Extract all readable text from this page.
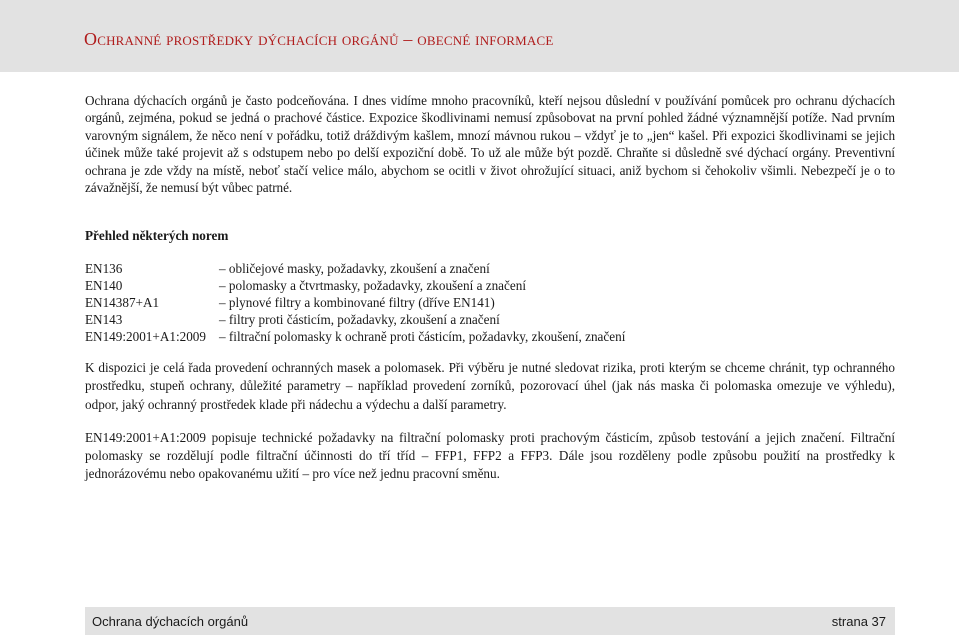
Ochranné prostředky dýchacích orgánů – obecné informace

Ochrana dýchacích orgánů je často podceňována. I dnes vidíme mnoho pracovníků, kteří nejsou důslední v používání pomůcek pro ochranu dýchacích orgánů, zejména, pokud se jedná o prachové částice. Expozice škodlivinami nemusí způsobovat na první pohled žádné významnější potíže. Nad prvním varovným signálem, že něco není v pořádku, totiž dráždivým kašlem, mnozí mávnou rukou – vždyť je to „jen“ kašel. Při expozici škodlivinami se jejich účinek může také projevit až s odstupem nebo po delší expoziční době. To už ale může být pozdě. Chraňte si důsledně své dýchací orgány. Preventivní ochrana je zde vždy na místě, neboť stačí velice málo, abychom se ocitli v život ohrožující situaci, aniž bychom si čehokoliv všimli. Nebezpečí je o to závažnější, že nemusí být vůbec patrné.

Přehled některých norem
EN136	– obličejové masky, požadavky, zkoušení a značení
EN140	– polomasky a čtvrtmasky, požadavky, zkoušení a značení
EN14387+A1	– plynové filtry a kombinované filtry (dříve EN141)
EN143	– filtry proti částicím, požadavky, zkoušení a značení
EN149:2001+A1:2009 – filtrační polomasky k ochraně proti částicím, požadavky, zkoušení, značení

K dispozici je celá řada provedení ochranných masek a polomasek. Při výběru je nutné sledovat rizika, proti kterým se chceme chránit, typ ochranného prostředku, stupeň ochrany, důležité parametry – například provedení zorníků, pozorovací úhel (jak nás maska či polomaska omezuje ve výhledu), odpor, jaký ochranný prostředek klade při nádechu a výdechu a další parametry.

EN149:2001+A1:2009 popisuje technické požadavky na filtrační polomasky proti prachovým částicím, způsob testování a jejich značení. Filtrační polomasky se rozdělují podle filtrační účinnosti do tří tříd – FFP1, FFP2 a FFP3. Dále jsou rozděleny podle způsobu použití na prostředky k jednorázovému nebo opakovanému užití – pro více než jednu pracovní směnu.

Ochrana dýchacích orgánů	strana 37
